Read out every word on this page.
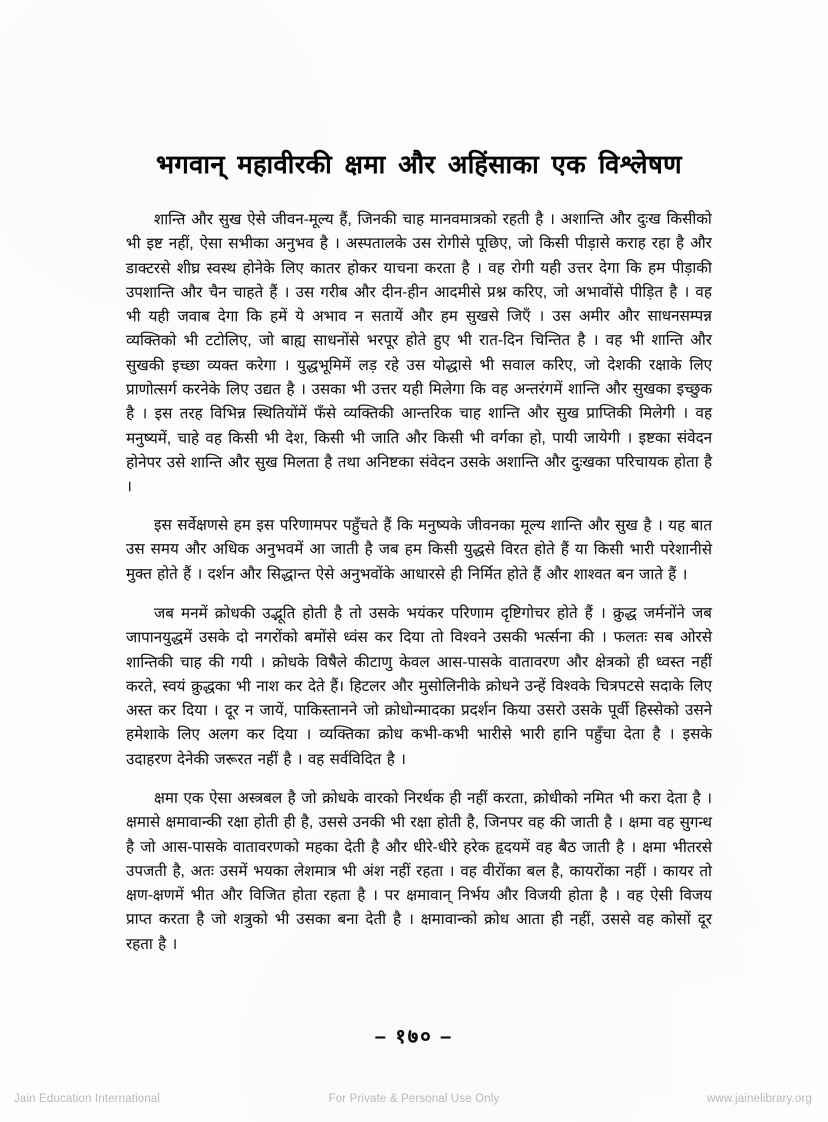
भगवान् महावीरकी क्षमा और अहिंसाका एक विश्लेषण

शान्ति और सुख ऐसे जीवन-मूल्य हैं, जिनकी चाह मानवमात्रको रहती है । अशान्ति और दुःख किसीको भी इष्ट नहीं, ऐसा सभीका अनुभव है । अस्पतालके उस रोगीसे पूछिए, जो किसी पीड़ासे कराह रहा है और डाक्टरसे शीघ्र स्वस्थ होनेके लिए कातर होकर याचना करता है । वह रोगी यही उत्तर देगा कि हम पीड़ाकी उपशान्ति और चैन चाहते हैं । उस गरीब और दीन-हीन आदमीसे प्रश्न करिए, जो अभावोंसे पीड़ित है । वह भी यही जवाब देगा कि हमें ये अभाव न सतायें और हम सुखसे जिएँ । उस अमीर और साधनसम्पन्न व्यक्तिको भी टटोलिए, जो बाह्य साधनोंसे भरपूर होते हुए भी रात-दिन चिन्तित है । वह भी शान्ति और सुखकी इच्छा व्यक्त करेगा । युद्धभूमिमें लड़ रहे उस योद्धासे भी सवाल करिए, जो देशकी रक्षाके लिए प्राणोत्सर्ग करनेके लिए उद्यत है । उसका भी उत्तर यही मिलेगा कि वह अन्तरंगमें शान्ति और सुखका इच्छुक है । इस तरह विभिन्न स्थितियोंमें फँसे व्यक्तिकी आन्तरिक चाह शान्ति और सुख प्राप्तिकी मिलेगी । वह मनुष्यमें, चाहे वह किसी भी देश, किसी भी जाति और किसी भी वर्गका हो, पायी जायेगी । इष्टका संवेदन होनेपर उसे शान्ति और सुख मिलता है तथा अनिष्टका संवेदन उसके अशान्ति और दुःखका परिचायक होता है ।

इस सर्वेक्षणसे हम इस परिणामपर पहुँचते हैं कि मनुष्यके जीवनका मूल्य शान्ति और सुख है । यह बात उस समय और अधिक अनुभवमें आ जाती है जब हम किसी युद्धसे विरत होते हैं या किसी भारी परेशानीसे मुक्त होते हैं । दर्शन और सिद्धान्त ऐसे अनुभवोंके आधारसे ही निर्मित होते हैं और शाश्वत बन जाते हैं ।

जब मनमें क्रोधकी उद्भूति होती है तो उसके भयंकर परिणाम दृष्टिगोचर होते हैं । क्रुद्ध जर्मनोंने जब जापानयुद्धमें उसके दो नगरोंको बमोंसे ध्वंस कर दिया तो विश्वने उसकी भर्त्सना की । फलतः सब ओरसे शान्तिकी चाह की गयी । क्रोधके विषैले कीटाणु केवल आस-पासके वातावरण और क्षेत्रको ही ध्वस्त नहीं करते, स्वयं क्रुद्धका भी नाश कर देते हैं। हिटलर और मुसोलिनीके क्रोधने उन्हें विश्वके चित्रपटसे सदाके लिए अस्त कर दिया । दूर न जायें, पाकिस्तानने जो क्रोधोन्मादका प्रदर्शन किया उसरो उसके पूर्वी हिस्सेको उसने हमेशाके लिए अलग कर दिया । व्यक्तिका क्रोध कभी-कभी भारीसे भारी हानि पहुँचा देता है । इसके उदाहरण देनेकी जरूरत नहीं है । वह सर्वविदित है ।

क्षमा एक ऐसा अस्त्रबल है जो क्रोधके वारको निरर्थक ही नहीं करता, क्रोधीको नमित भी करा देता है । क्षमासे क्षमावान्की रक्षा होती ही है, उससे उनकी भी रक्षा होती है, जिनपर वह की जाती है । क्षमा वह सुगन्ध है जो आस-पासके वातावरणको महका देती है और धीरे-धीरे हरेक हृदयमें वह बैठ जाती है । क्षमा भीतरसे उपजती है, अतः उसमें भयका लेशमात्र भी अंश नहीं रहता । वह वीरोंका बल है, कायरोंका नहीं । कायर तो क्षण-क्षणमें भीत और विजित होता रहता है । पर क्षमावान् निर्भय और विजयी होता है । वह ऐसी विजय प्राप्त करता है जो शत्रुको भी उसका बना देती है । क्षमावान्को क्रोध आता ही नहीं, उससे वह कोसों दूर रहता है ।

– १७० –
Jain Education International	For Private & Personal Use Only	www.jainelibrary.org
